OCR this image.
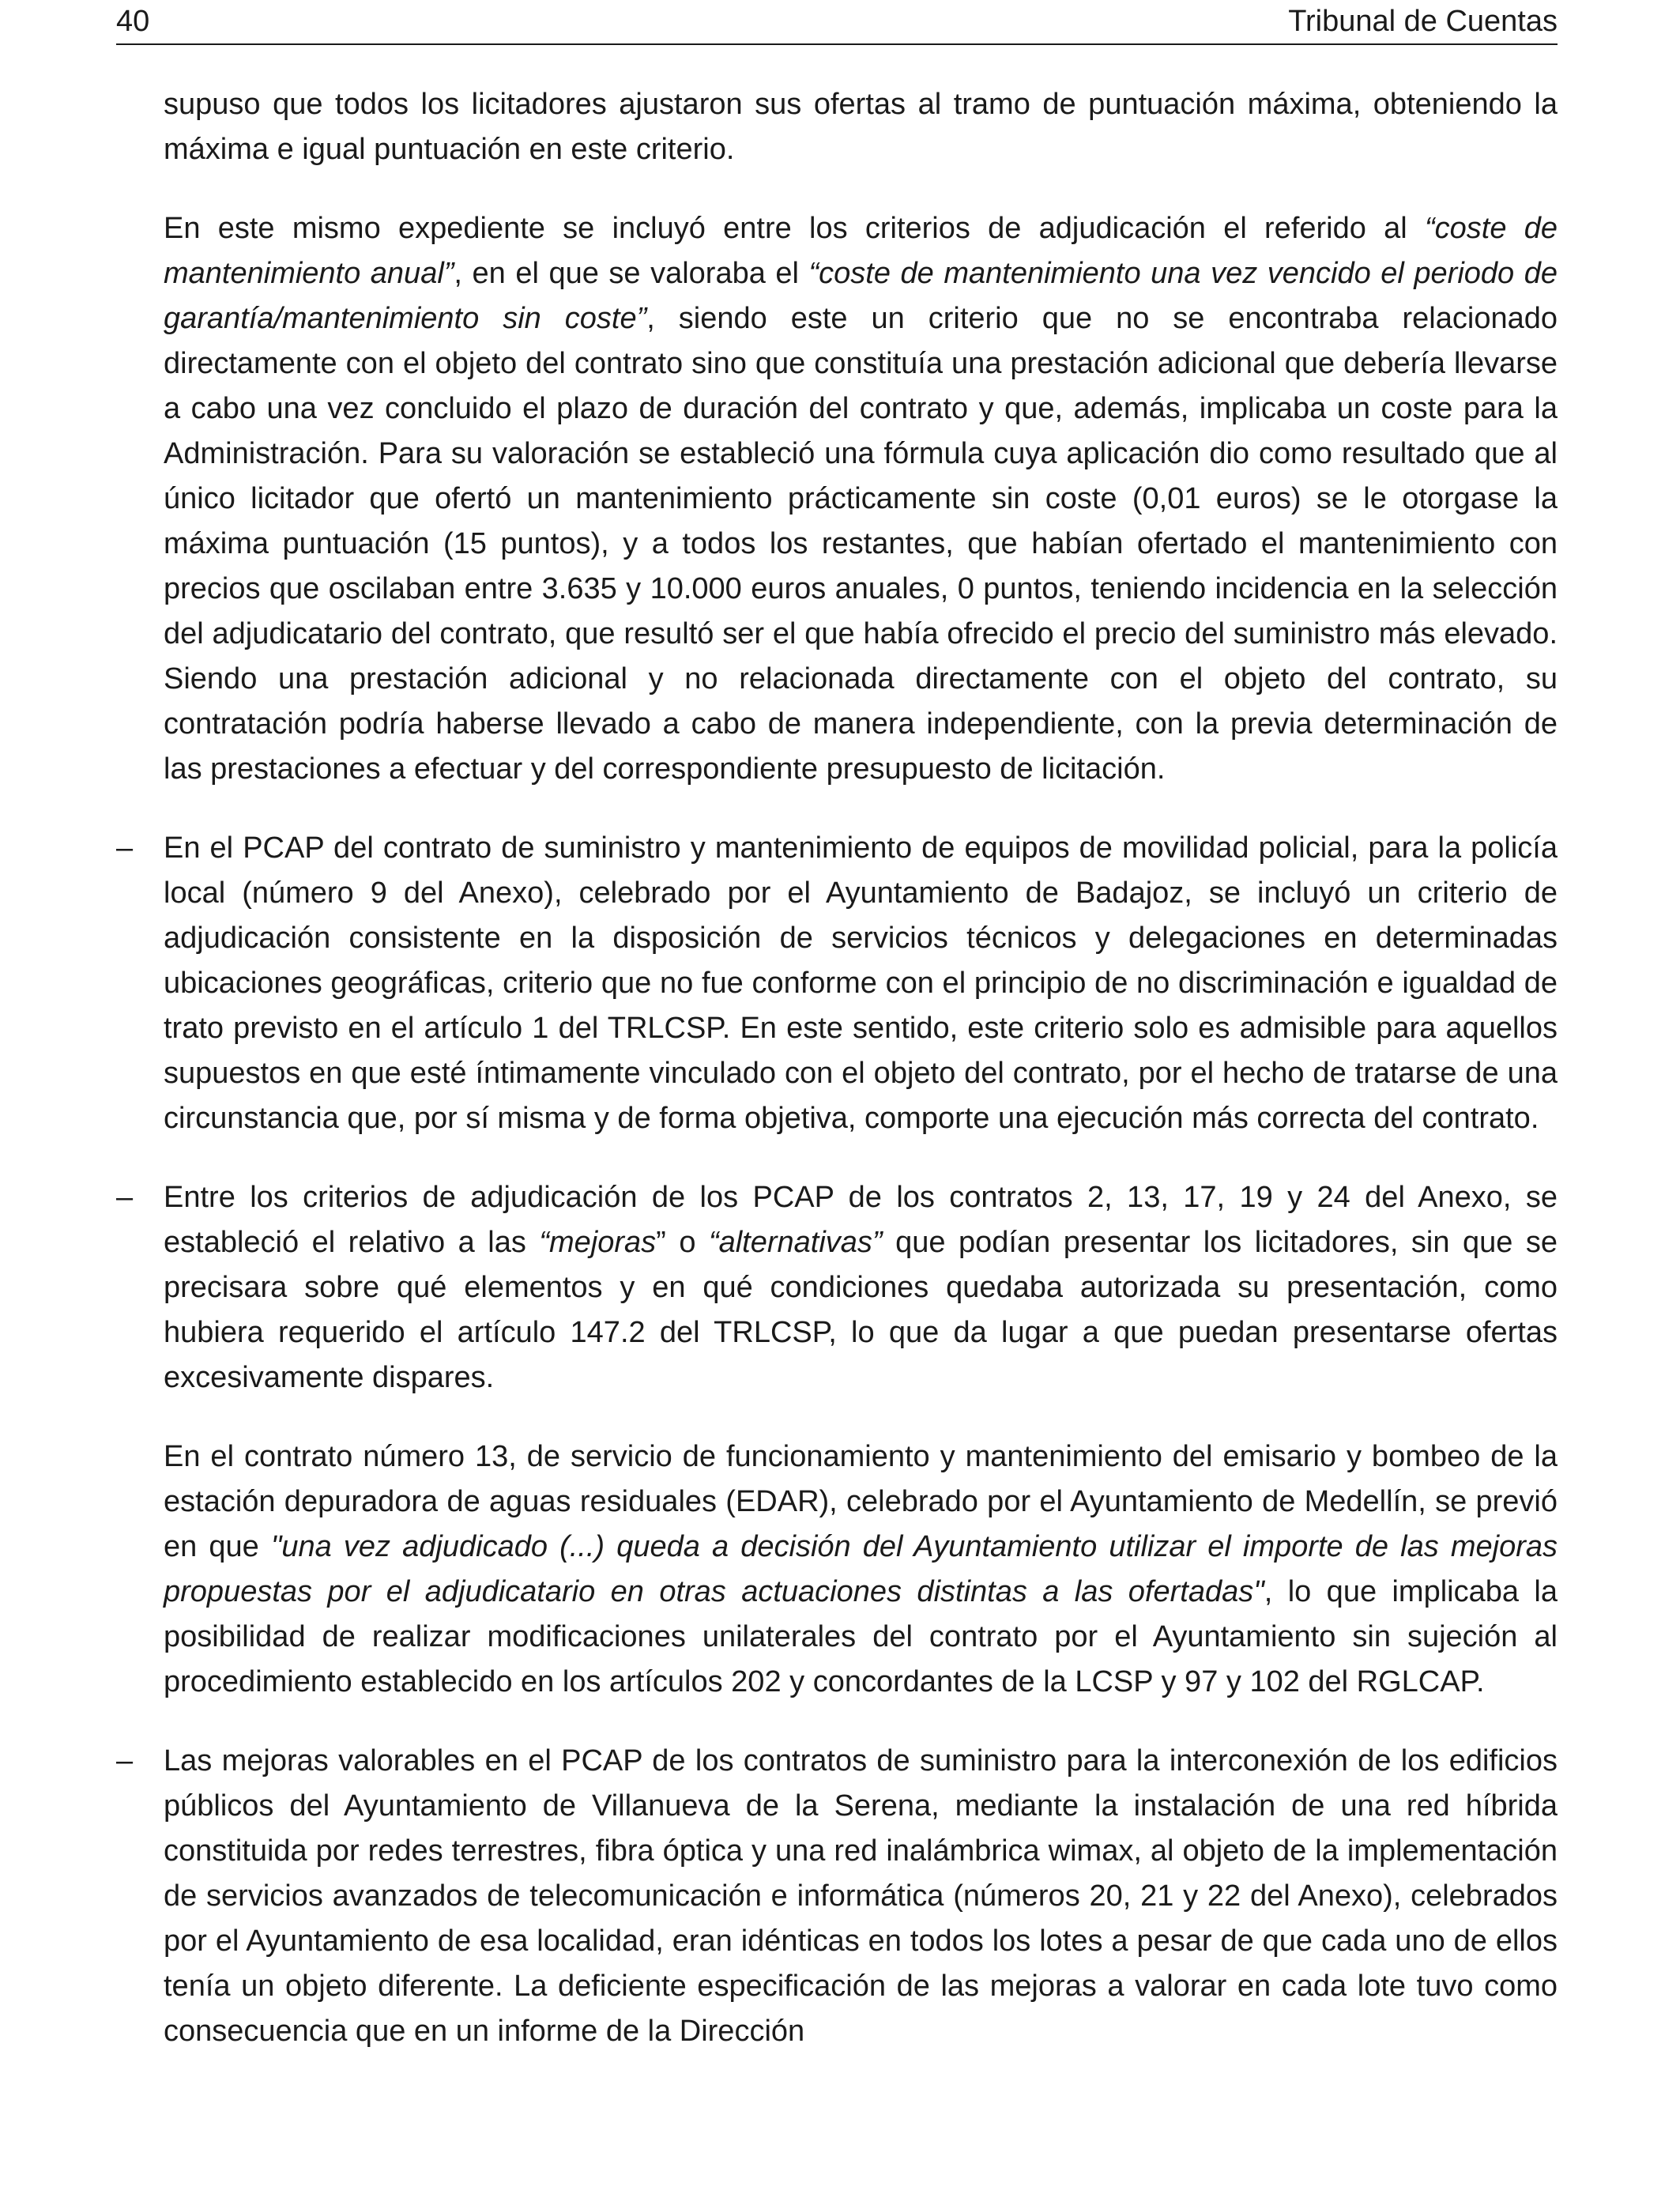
40	Tribunal de Cuentas
supuso que todos los licitadores ajustaron sus ofertas al tramo de puntuación máxima, obteniendo la máxima e igual puntuación en este criterio.
En este mismo expediente se incluyó entre los criterios de adjudicación el referido al “coste de mantenimiento anual”, en el que se valoraba el “coste de mantenimiento una vez vencido el periodo de garantía/mantenimiento sin coste”, siendo este un criterio que no se encontraba relacionado directamente con el objeto del contrato sino que constituía una prestación adicional que debería llevarse a cabo una vez concluido el plazo de duración del contrato y que, además, implicaba un coste para la Administración. Para su valoración se estableció una fórmula cuya aplicación dio como resultado que al único licitador que ofertó un mantenimiento prácticamente sin coste (0,01 euros) se le otorgase la máxima puntuación (15 puntos), y a todos los restantes, que habían ofertado el mantenimiento con precios que oscilaban entre 3.635 y 10.000 euros anuales, 0 puntos, teniendo incidencia en la selección del adjudicatario del contrato, que resultó ser el que había ofrecido el precio del suministro más elevado. Siendo una prestación adicional y no relacionada directamente con el objeto del contrato, su contratación podría haberse llevado a cabo de manera independiente, con la previa determinación de las prestaciones a efectuar y del correspondiente presupuesto de licitación.
– En el PCAP del contrato de suministro y mantenimiento de equipos de movilidad policial, para la policía local (número 9 del Anexo), celebrado por el Ayuntamiento de Badajoz, se incluyó un criterio de adjudicación consistente en la disposición de servicios técnicos y delegaciones en determinadas ubicaciones geográficas, criterio que no fue conforme con el principio de no discriminación e igualdad de trato previsto en el artículo 1 del TRLCSP. En este sentido, este criterio solo es admisible para aquellos supuestos en que esté íntimamente vinculado con el objeto del contrato, por el hecho de tratarse de una circunstancia que, por sí misma y de forma objetiva, comporte una ejecución más correcta del contrato.
– Entre los criterios de adjudicación de los PCAP de los contratos 2, 13, 17, 19 y 24 del Anexo, se estableció el relativo a las “mejoras” o “alternativas” que podían presentar los licitadores, sin que se precisara sobre qué elementos y en qué condiciones quedaba autorizada su presentación, como hubiera requerido el artículo 147.2 del TRLCSP, lo que da lugar a que puedan presentarse ofertas excesivamente dispares.
En el contrato número 13, de servicio de funcionamiento y mantenimiento del emisario y bombeo de la estación depuradora de aguas residuales (EDAR), celebrado por el Ayuntamiento de Medellín, se previó en que "una vez adjudicado (...) queda a decisión del Ayuntamiento utilizar el importe de las mejoras propuestas por el adjudicatario en otras actuaciones distintas a las ofertadas", lo que implicaba la posibilidad de realizar modificaciones unilaterales del contrato por el Ayuntamiento sin sujeción al procedimiento establecido en los artículos 202 y concordantes de la LCSP y 97 y 102 del RGLCAP.
– Las mejoras valorables en el PCAP de los contratos de suministro para la interconexión de los edificios públicos del Ayuntamiento de Villanueva de la Serena, mediante la instalación de una red híbrida constituida por redes terrestres, fibra óptica y una red inalámbrica wimax, al objeto de la implementación de servicios avanzados de telecomunicación e informática (números 20, 21 y 22 del Anexo), celebrados por el Ayuntamiento de esa localidad, eran idénticas en todos los lotes a pesar de que cada uno de ellos tenía un objeto diferente. La deficiente especificación de las mejoras a valorar en cada lote tuvo como consecuencia que en un informe de la Dirección
